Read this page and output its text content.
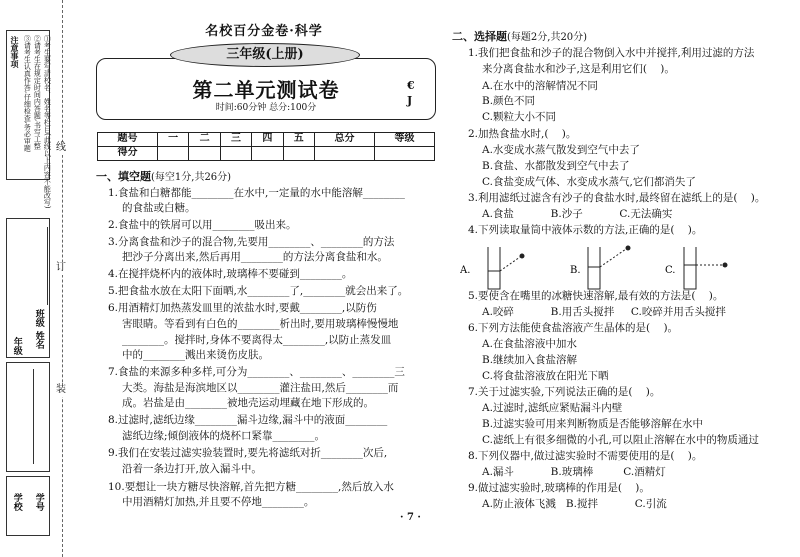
注意事项	①考生要写清校名、姓名等栏目(此线以上内容不能改写)
②请考生在规定时间内答题,书写工整
③请考生认真作答,仔细检查,务必审题
班级
姓名
年级
学校 学号
线
订
装
名校百分金卷·科学
三年级(上册)
第二单元测试卷
时间:60分钟 总分:100分
€
J
题号	一	二	三	四	五	总分	等级
得分							
一、填空题(每空1分,共26分)
1.食盐和白糖都能________在水中,一定量的水中能溶解________
的食盐或白糖。
2.食盐中的铁屑可以用________吸出来。
3.分离食盐和沙子的混合物,先要用________、________的方法
把沙子分离出来,然后再用________的方法分离食盐和水。
4.在搅拌烧杯内的液体时,玻璃棒不要碰到________。
5.把食盐水放在太阳下面晒,水________了,________就会出来了。
6.用酒精灯加热蒸发皿里的浓盐水时,要戴________,以防伤
害眼睛。等看到有白色的________析出时,要用玻璃棒慢慢地
________。搅拌时,身体不要离得太________,以防止蒸发皿
中的________溅出来烫伤皮肤。
7.食盐的来源多种多样,可分为________、________、________三
大类。海盐是海滨地区以________灌注盐田,然后________而
成。岩盐是由________被地壳运动埋藏在地下形成的。
8.过滤时,滤纸边缘________漏斗边缘,漏斗中的液面________
滤纸边缘;倾倒液体的烧杯口紧靠________。
9.我们在安装过滤实验装置时,要先将滤纸对折________次后,
沿着一条边打开,放入漏斗中。
10.要想让一块方糖尽快溶解,首先把方糖________,然后放入水
中用酒精灯加热,并且要不停地________。
二、选择题(每题2分,共20分)
1.我们把食盐和沙子的混合物倒入水中并搅拌,利用过滤的方法
来分离食盐水和沙子,这是利用它们(    )。
A.在水中的溶解情况不同
B.颜色不同
C.颗粒大小不同
2.加热食盐水时,(    )。
A.水变成水蒸气散发到空气中去了
B.食盐、水都散发到空气中去了
C.食盐变成气体、水变成水蒸气,它们都消失了
3.利用滤纸过滤含有沙子的食盐水时,最终留在滤纸上的是(    )。
A.食盐           B.沙子           C.无法确实
4.下列读取量筒中液体示数的方法,正确的是(    )。
5.要使含在嘴里的冰糖快速溶解,最有效的方法是(    )。
A.咬碎           B.用舌头搅拌     C.咬碎并用舌头搅拌
6.下列方法能使食盐溶液产生晶体的是(    )。
A.在食盐溶液中加水
B.继续加入食盐溶解
C.将食盐溶液放在阳光下晒
7.关于过滤实验,下列说法正确的是(    )。
A.过滤时,滤纸应紧贴漏斗内壁
B.过滤实验可用来判断物质是否能够溶解在水中
C.滤纸上有很多细微的小孔,可以阻止溶解在水中的物质通过
8.下列仪器中,做过滤实验时不需要使用的是(    )。
A.漏斗           B.玻璃棒         C.酒精灯
9.做过滤实验时,玻璃棒的作用是(    )。
A.防止液体飞溅   B.搅拌           C.引流
A.	B.	C.
· 7 ·
